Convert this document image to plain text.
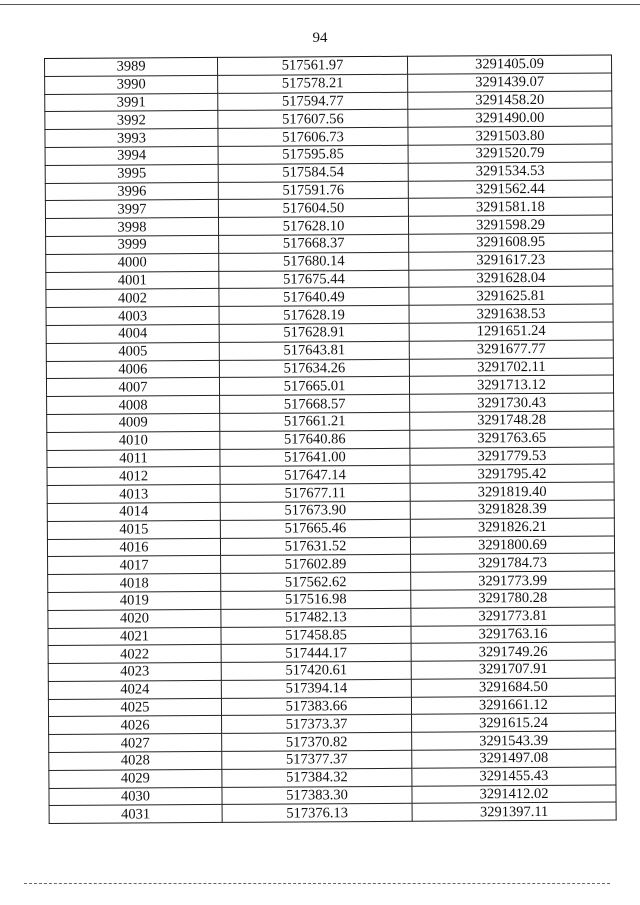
94
3989	517561.97	3291405.09
3990	517578.21	3291439.07
3991	517594.77	3291458.20
3992	517607.56	3291490.00
3993	517606.73	3291503.80
3994	517595.85	3291520.79
3995	517584.54	3291534.53
3996	517591.76	3291562.44
3997	517604.50	3291581.18
3998	517628.10	3291598.29
3999	517668.37	3291608.95
4000	517680.14	3291617.23
4001	517675.44	3291628.04
4002	517640.49	3291625.81
4003	517628.19	3291638.53
4004	517628.91	1291651.24
4005	517643.81	3291677.77
4006	517634.26	3291702.11
4007	517665.01	3291713.12
4008	517668.57	3291730.43
4009	517661.21	3291748.28
4010	517640.86	3291763.65
4011	517641.00	3291779.53
4012	517647.14	3291795.42
4013	517677.11	3291819.40
4014	517673.90	3291828.39
4015	517665.46	3291826.21
4016	517631.52	3291800.69
4017	517602.89	3291784.73
4018	517562.62	3291773.99
4019	517516.98	3291780.28
4020	517482.13	3291773.81
4021	517458.85	3291763.16
4022	517444.17	3291749.26
4023	517420.61	3291707.91
4024	517394.14	3291684.50
4025	517383.66	3291661.12
4026	517373.37	3291615.24
4027	517370.82	3291543.39
4028	517377.37	3291497.08
4029	517384.32	3291455.43
4030	517383.30	3291412.02
4031	517376.13	3291397.11
